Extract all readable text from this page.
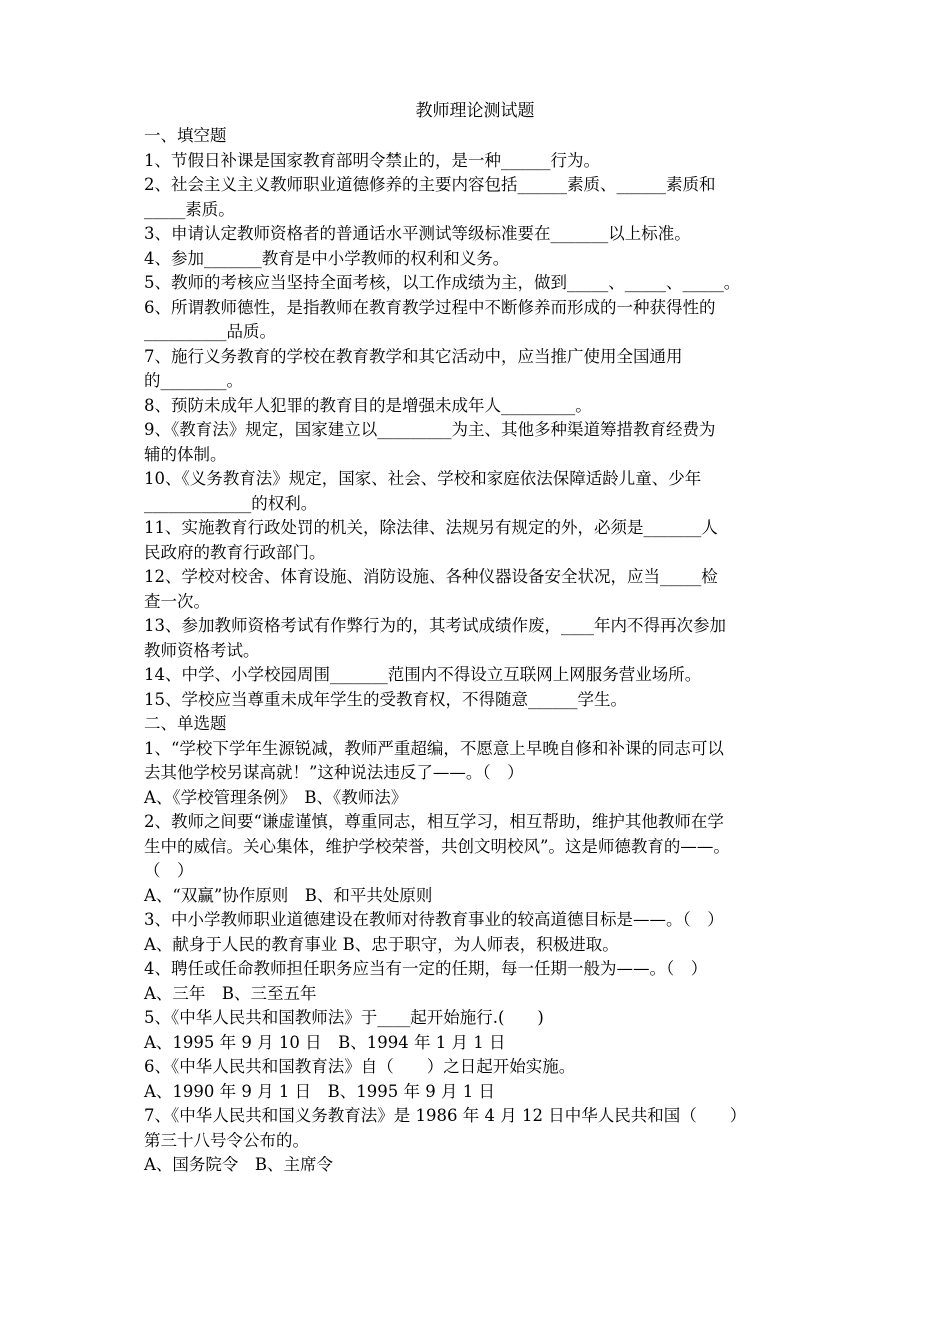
教师理论测试题
一、填空题
1、节假日补课是国家教育部明令禁止的，是一种______行为。
2、社会主义主义教师职业道德修养的主要内容包括______素质、______素质和
_____素质。
3、申请认定教师资格者的普通话水平测试等级标准要在_______以上标准。
4、参加_______教育是中小学教师的权利和义务。
5、教师的考核应当坚持全面考核，以工作成绩为主，做到_____、_____、_____。
6、所谓教师德性，是指教师在教育教学过程中不断修养而形成的一种获得性的
__________品质。
7、施行义务教育的学校在教育教学和其它活动中，应当推广使用全国通用
的________。
8、预防未成年人犯罪的教育目的是增强未成年人_________。
9、《教育法》规定，国家建立以_________为主、其他多种渠道筹措教育经费为
辅的体制。
10、《义务教育法》规定，国家、社会、学校和家庭依法保障适龄儿童、少年
_____________的权利。
11、实施教育行政处罚的机关，除法律、法规另有规定的外，必须是_______人
民政府的教育行政部门。
12、学校对校舍、体育设施、消防设施、各种仪器设备安全状况，应当_____检
查一次。
13、参加教师资格考试有作弊行为的，其考试成绩作废，____年内不得再次参加
教师资格考试。
14、中学、小学校园周围_______范围内不得设立互联网上网服务营业场所。
15、学校应当尊重未成年学生的受教育权，不得随意______学生。
二、单选题
1、“学校下学年生源锐减，教师严重超编，不愿意上早晚自修和补课的同志可以
去其他学校另谋高就！”这种说法违反了——。（　）
A、《学校管理条例》　B、《教师法》
2、教师之间要“谦虚谨慎，尊重同志，相互学习，相互帮助，维护其他教师在学
生中的威信。关心集体，维护学校荣誉，共创文明校风”。这是师德教育的——。
（　）
A、“双赢”协作原则　B、和平共处原则
3、中小学教师职业道德建设在教师对待教育事业的较高道德目标是——。（　）
A、献身于人民的教育事业 B、忠于职守，为人师表，积极进取。
4、聘任或任命教师担任职务应当有一定的任期，每一任期一般为——。（　）
A、三年　B、三至五年
5、《中华人民共和国教师法》于____起开始施行.(　　)
A、1995 年 9 月 10 日　B、1994 年 1 月 1 日
6、《中华人民共和国教育法》自（　　）之日起开始实施。
A、1990 年 9 月 1 日　B、1995 年 9 月 1 日
7、《中华人民共和国义务教育法》是 1986 年 4 月 12 日中华人民共和国（　　）
第三十八号令公布的。
A、国务院令　B、主席令
